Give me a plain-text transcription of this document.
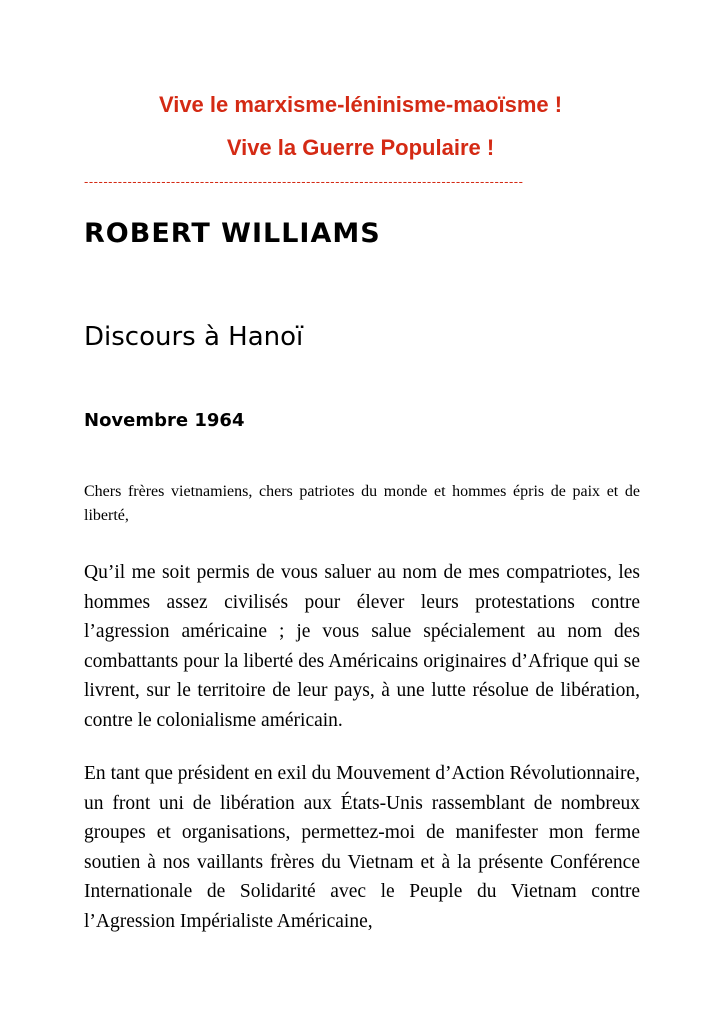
Vive le marxisme-léninisme-maoïsme !
Vive la Guerre Populaire !
-------------------------------------------------------------------------------------------
ROBERT WILLIAMS
Discours à Hanoï
Novembre 1964

Chers frères vietnamiens, chers patriotes du monde et hommes épris de paix et de liberté,

Qu’il me soit permis de vous saluer au nom de mes compatriotes, les hommes assez civilisés pour élever leurs protestations contre l’agression américaine ; je vous salue spécialement au nom des combattants pour la liberté des Américains originaires d’Afrique qui se livrent, sur le territoire de leur pays, à une lutte résolue de libération, contre le colonialisme américain.

En tant que président en exil du Mouvement d’Action Révolutionnaire, un front uni de libération aux États-Unis rassemblant de nombreux groupes et organisations, permettez-moi de manifester mon ferme soutien à nos vaillants frères du Vietnam et à la présente Conférence Internationale de Solidarité avec le Peuple du Vietnam contre l’Agression Impérialiste Américaine,
